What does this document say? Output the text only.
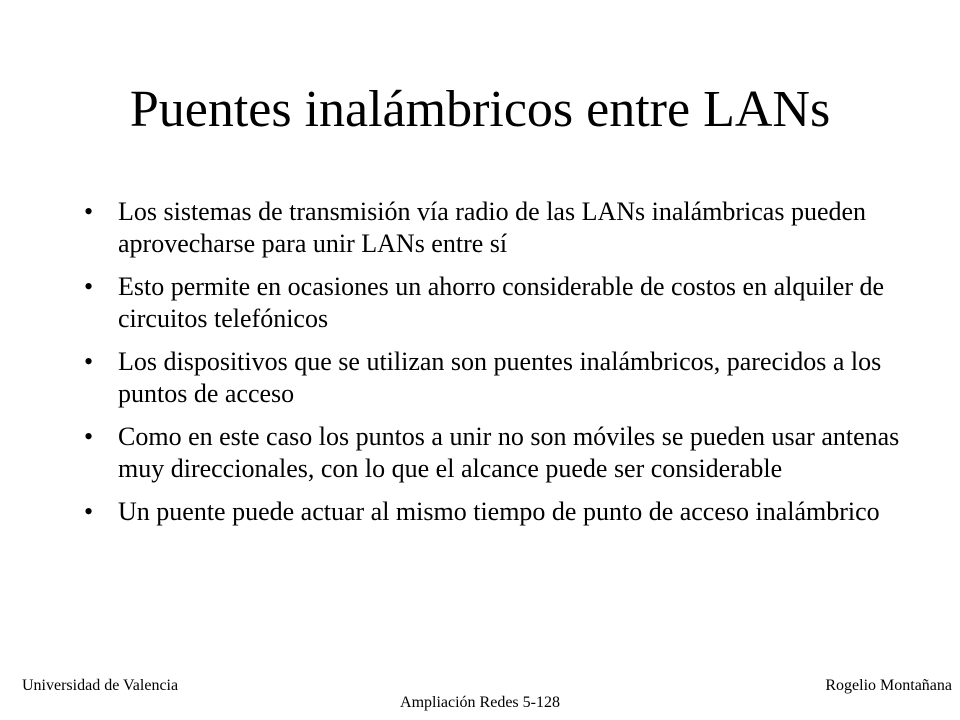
Puentes inalámbricos entre LANs
• Los sistemas de transmisión vía radio de las LANs inalámbricas pueden aprovecharse para unir LANs entre sí
• Esto permite en ocasiones un ahorro considerable de costos en alquiler de circuitos telefónicos
• Los dispositivos que se utilizan son puentes inalámbricos, parecidos a los puntos de acceso
• Como en este caso los puntos a unir no son móviles se pueden usar antenas muy direccionales, con lo que el alcance puede ser considerable
• Un puente puede actuar al mismo tiempo de punto de acceso inalámbrico
Universidad de Valencia
Ampliación Redes 5-128
Rogelio Montañana
